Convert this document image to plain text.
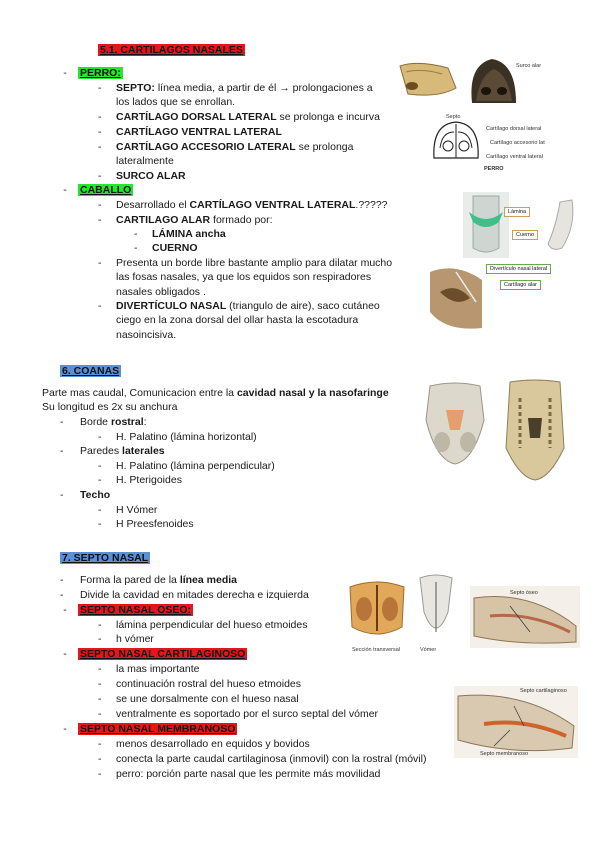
5.1. CARTILAGOS NASALES
-	PERRO:
- SEPTO: línea media, a partir de él → prolongaciones a
los lados que se enrollan.
- CARTÍLAGO DORSAL LATERAL se prolonga e incurva
- CARTÍLAGO VENTRAL LATERAL
- CARTÍLAGO ACCESORIO LATERAL se prolonga
lateralmente
- SURCO ALAR
-	CABALLO
- Desarrollado el CARTÍLAGO VENTRAL LATERAL.?????
- CARTILAGO ALAR formado por:
- LÁMINA ancha
- CUERNO
- Presenta un borde libre bastante amplio para dilatar mucho
las fosas nasales, ya que los equidos son respiradores
nasales obligados .
- DIVERTÍCULO NASAL (triangulo de aire), saco cutáneo
ciego en la zona dorsal del ollar hasta la escotadura
nasoincisiva.
Surco alar
Septo
Cartílago dorsal lateral
Cartílago accesorio lat
Cartílago ventral lateral
PERRO
Lámina
Cuerno
Divertículo nasal lateral
Cartílago alar
6. COANAS
Parte mas caudal, Comunicacion entre la cavidad nasal y la nasofaringe
Su longitud es 2x su anchura
- Borde rostral:
- H. Palatino (lámina horizontal)
- Paredes laterales
- H. Palatino (lámina perpendicular)
- H. Pterigoides
- Techo
- H Vómer
- H Preesfenoides
7. SEPTO NASAL
- Forma la pared de la línea media
- Divide la cavidad en mitades derecha e izquierda
-	SEPTO NASAL OSEO:
- lámina perpendicular del hueso etmoides
- h vómer
-	SEPTO NASAL CARTILAGINOSO
- la mas importante
- continuación rostral del hueso etmoides
- se une dorsalmente con el hueso nasal
- ventralmente es soportado por el surco septal del vómer
-	SEPTO NASAL MEMBRANOSO
- menos desarrollado en equidos y bovidos
- conecta la parte caudal cartilaginosa (inmovil) con la rostral (móvil)
- perro: porción parte nasal que les permite más movilidad
Sección transversal	Vómer
Septo óseo
Septo cartilaginoso
Septo membranoso
